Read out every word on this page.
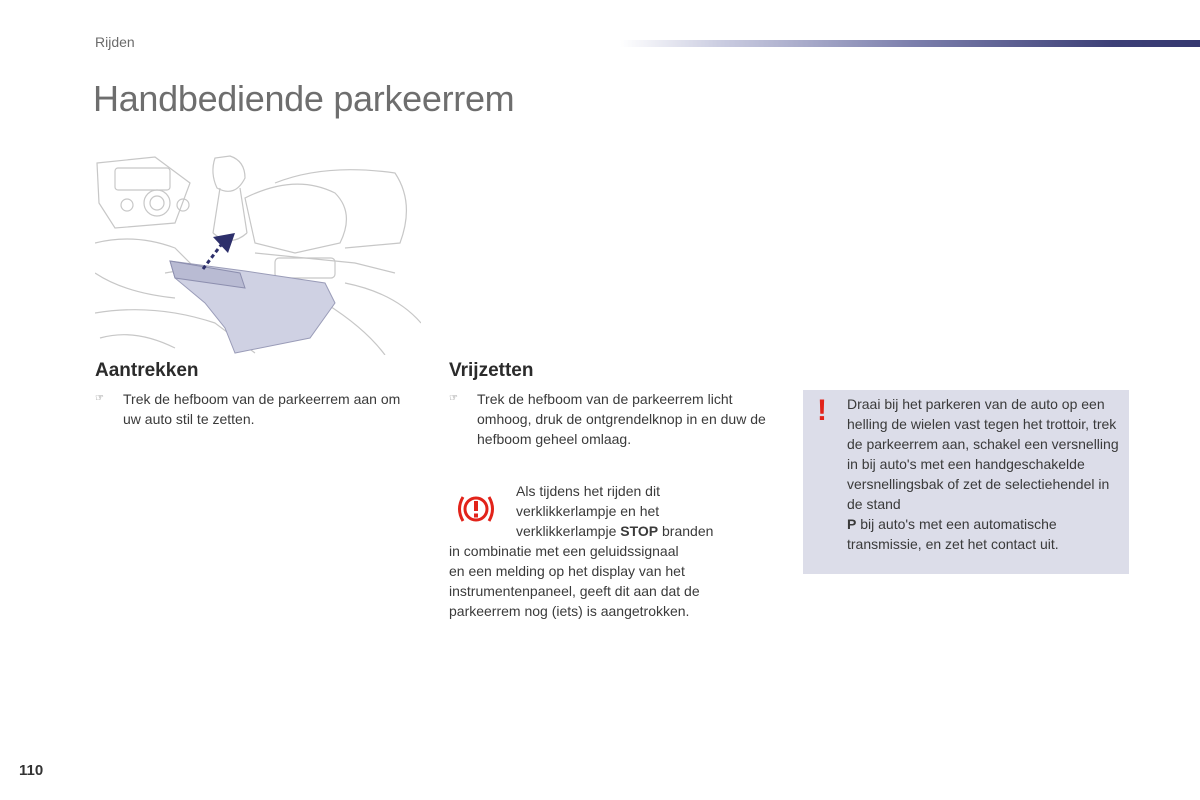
Rijden
Handbediende parkeerrem
Aantrekken
☞	Trek de hefboom van de parkeerrem aan om uw auto stil te zetten.
Vrijzetten
☞	Trek de hefboom van de parkeerrem licht omhoog, druk de ontgrendelknop in en duw de hefboom geheel omlaag.
Als tijdens het rijden dit
verklikkerlampje en het
verklikkerlampje STOP branden
in combinatie met een geluidssignaal
en een melding op het display van het
instrumentenpaneel, geeft dit aan dat de
parkeerrem nog (iets) is aangetrokken.
! Draai bij het parkeren van de auto op een helling de wielen vast tegen het trottoir, trek de parkeerrem aan, schakel een versnelling in bij auto's met een handgeschakelde versnellingsbak of zet de selectiehendel in de stand
P bij auto's met een automatische transmissie, en zet het contact uit.
110
